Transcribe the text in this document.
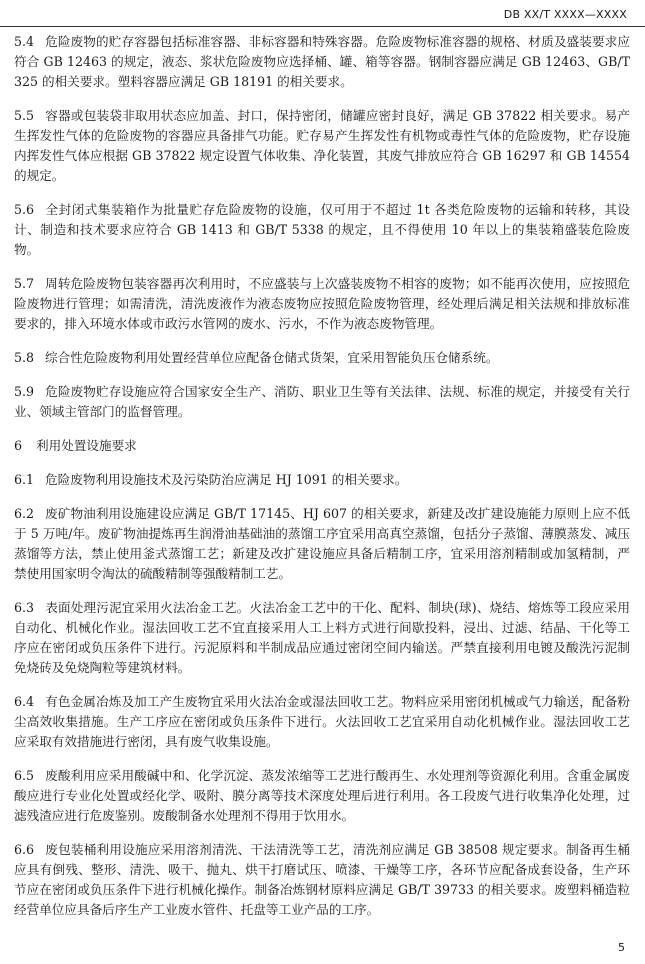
DB XX/T XXXX—XXXX

5.4 危险废物的贮存容器包括标准容器、非标容器和特殊容器。危险废物标准容器的规格、材质及盛装要求应符合 GB 12463 的规定，液态、浆状危险废物应选择桶、罐、箱等容器。钢制容器应满足 GB 12463、GB/T 325 的相关要求。塑料容器应满足 GB 18191 的相关要求。

5.5 容器或包装袋非取用状态应加盖、封口，保持密闭，储罐应密封良好，满足 GB 37822 相关要求。易产生挥发性气体的危险废物的容器应具备排气功能。贮存易产生挥发性有机物或毒性气体的危险废物，贮存设施内挥发性气体应根据 GB 37822 规定设置气体收集、净化装置，其废气排放应符合 GB 16297 和 GB 14554 的规定。

5.6 全封闭式集装箱作为批量贮存危险废物的设施，仅可用于不超过 1t 各类危险废物的运输和转移，其设计、制造和技术要求应符合 GB 1413 和 GB/T 5338 的规定，且不得使用 10 年以上的集装箱盛装危险废物。

5.7 周转危险废物包装容器再次利用时，不应盛装与上次盛装废物不相容的废物；如不能再次使用，应按照危险废物进行管理；如需清洗，清洗废液作为液态废物应按照危险废物管理，经处理后满足相关法规和排放标准要求的，排入环境水体或市政污水管网的废水、污水，不作为液态废物管理。

5.8 综合性危险废物利用处置经营单位应配备仓储式货架，宜采用智能负压仓储系统。

5.9 危险废物贮存设施应符合国家安全生产、消防、职业卫生等有关法律、法规、标准的规定，并接受有关行业、领域主管部门的监督管理。

6 利用处置设施要求

6.1 危险废物利用设施技术及污染防治应满足 HJ 1091 的相关要求。

6.2 废矿物油利用设施建设应满足 GB/T 17145、HJ 607 的相关要求，新建及改扩建设施能力原则上应不低于 5 万吨/年。废矿物油提炼再生润滑油基础油的蒸馏工序宜采用高真空蒸馏，包括分子蒸馏、薄膜蒸发、减压蒸馏等方法，禁止使用釜式蒸馏工艺；新建及改扩建设施应具备后精制工序，宜采用溶剂精制或加氢精制，严禁使用国家明令淘汰的硫酸精制等强酸精制工艺。

6.3 表面处理污泥宜采用火法冶金工艺。火法冶金工艺中的干化、配料、制块(球)、烧结、熔炼等工段应采用自动化、机械化作业。湿法回收工艺不宜直接采用人工上料方式进行间歇投料，浸出、过滤、结晶、干化等工序应在密闭或负压条件下进行。污泥原料和半制成品应通过密闭空间内输送。严禁直接利用电镀及酸洗污泥制免烧砖及免烧陶粒等建筑材料。

6.4 有色金属冶炼及加工产生废物宜采用火法冶金或湿法回收工艺。物料应采用密闭机械或气力输送，配备粉尘高效收集措施。生产工序应在密闭或负压条件下进行。火法回收工艺宜采用自动化机械作业。湿法回收工艺应采取有效措施进行密闭，具有废气收集设施。

6.5 废酸利用应采用酸碱中和、化学沉淀、蒸发浓缩等工艺进行酸再生、水处理剂等资源化利用。含重金属废酸应进行专业化处置或经化学、吸附、膜分离等技术深度处理后进行利用。各工段废气进行收集净化处理，过滤残渣应进行危废鉴别。废酸制备水处理剂不得用于饮用水。

6.6 废包装桶利用设施应采用溶剂清洗、干法清洗等工艺，清洗剂应满足 GB 38508 规定要求。制备再生桶应具有倒残、整形、清洗、吸干、抛丸、烘干打磨试压、喷漆、干燥等工序，各环节应配备成套设备，生产环节应在密闭或负压条件下进行机械化操作。制备冶炼钢材原料应满足 GB/T 39733 的相关要求。废塑料桶造粒经营单位应具备后序生产工业废水管件、托盘等工业产品的工序。

5
